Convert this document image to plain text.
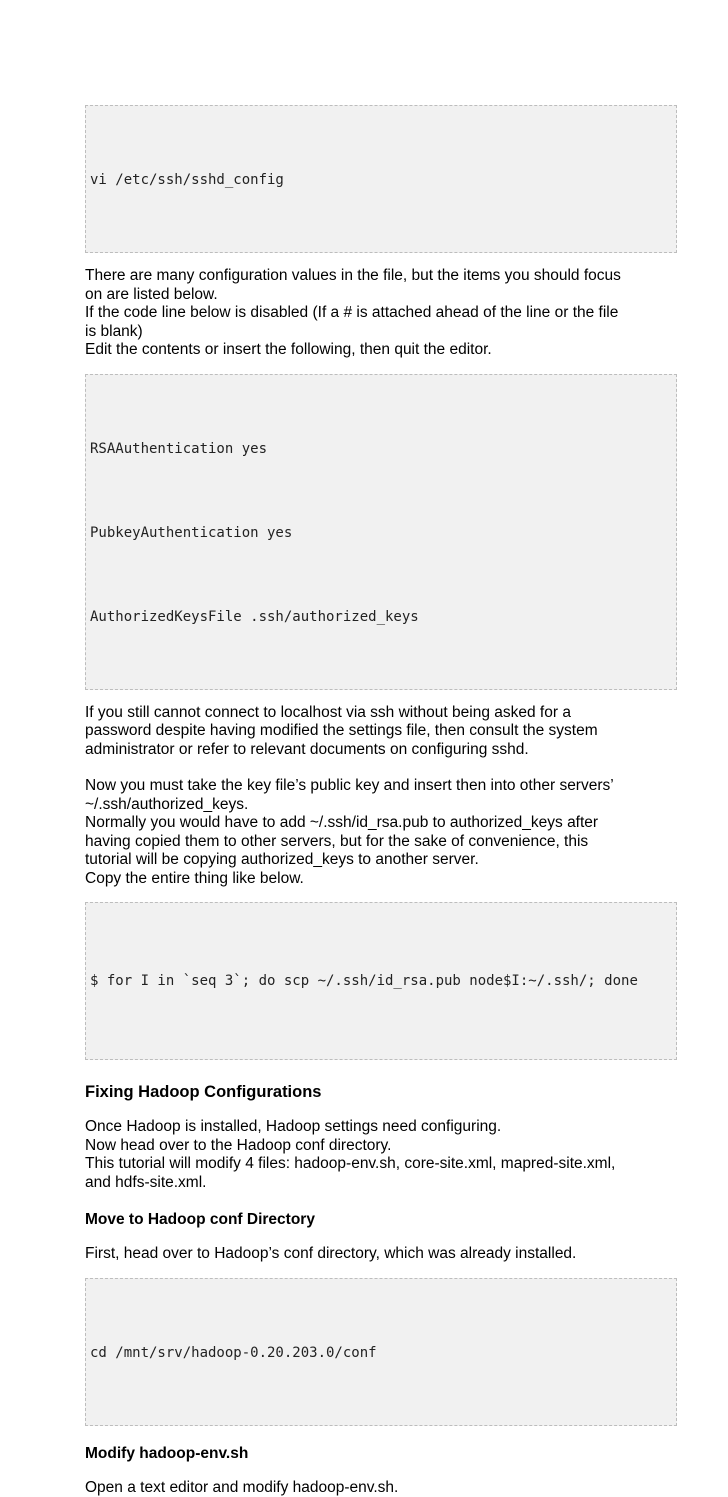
vi /etc/ssh/sshd_config

There are many configuration values in the file, but the items you should focus
on are listed below.
If the code line below is disabled (If a # is attached ahead of the line or the file
is blank)
Edit the contents or insert the following, then quit the editor.

RSAAuthentication yes

PubkeyAuthentication yes

AuthorizedKeysFile .ssh/authorized_keys

If you still cannot connect to localhost via ssh without being asked for a
password despite having modified the settings file, then consult the system
administrator or refer to relevant documents on configuring sshd.
Now you must take the key file’s public key and insert then into other servers’
~/.ssh/authorized_keys.
Normally you would have to add ~/.ssh/id_rsa.pub to authorized_keys after
having copied them to other servers, but for the sake of convenience, this
tutorial will be copying authorized_keys to another server.
Copy the entire thing like below.

$ for I in `seq 3`; do scp ~/.ssh/id_rsa.pub node$I:~/.ssh/; done

Fixing Hadoop Configurations
Once Hadoop is installed, Hadoop settings need configuring.
Now head over to the Hadoop conf directory.
This tutorial will modify 4 files: hadoop-env.sh, core-site.xml, mapred-site.xml,
and hdfs-site.xml.
Move to Hadoop conf Directory
First, head over to Hadoop’s conf directory, which was already installed.

cd /mnt/srv/hadoop-0.20.203.0/conf

Modify hadoop-env.sh
Open a text editor and modify hadoop-env.sh.
